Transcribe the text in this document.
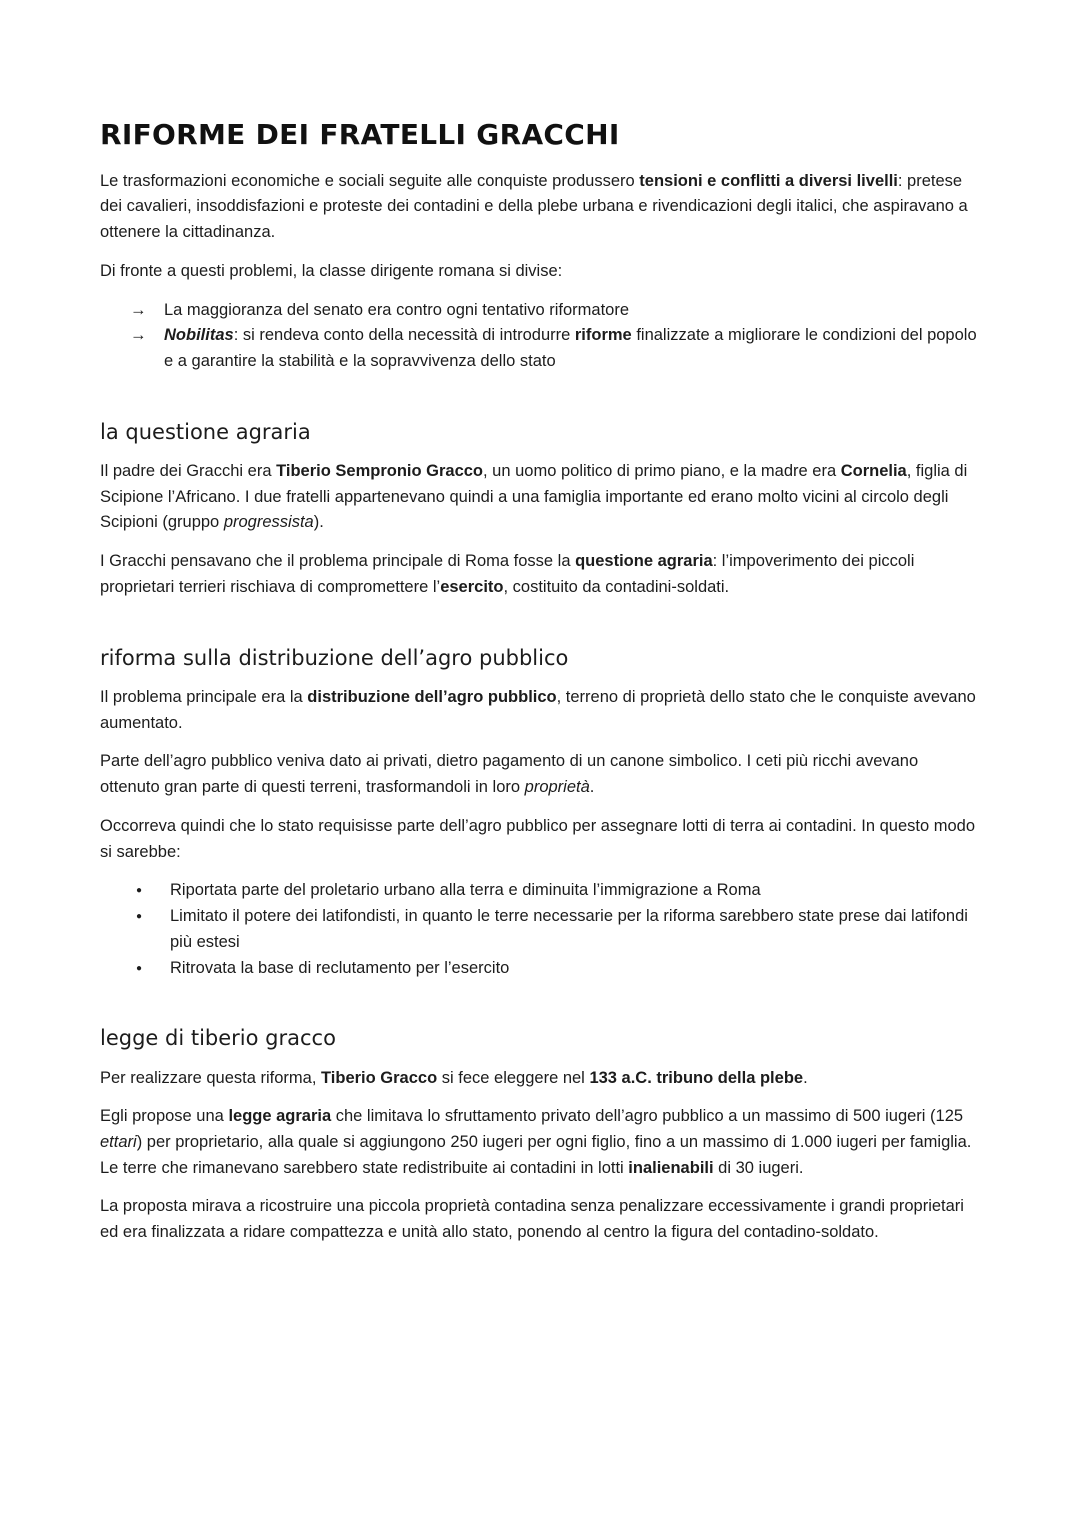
RIFORME DEI FRATELLI GRACCHI

Le trasformazioni economiche e sociali seguite alle conquiste produssero tensioni e conflitti a diversi livelli: pretese dei cavalieri, insoddisfazioni e proteste dei contadini e della plebe urbana e rivendicazioni degli italici, che aspiravano a ottenere la cittadinanza.

Di fronte a questi problemi, la classe dirigente romana si divise:

→	La maggioranza del senato era contro ogni tentativo riformatore
→	Nobilitas: si rendeva conto della necessità di introdurre riforme finalizzate a migliorare le condizioni del popolo e a garantire la stabilità e la sopravvivenza dello stato
la questione agraria

Il padre dei Gracchi era Tiberio Sempronio Gracco, un uomo politico di primo piano, e la madre era Cornelia, figlia di Scipione l’Africano. I due fratelli appartenevano quindi a una famiglia importante ed erano molto vicini al circolo degli Scipioni (gruppo progressista).

I Gracchi pensavano che il problema principale di Roma fosse la questione agraria: l’impoverimento dei piccoli proprietari terrieri rischiava di compromettere l’esercito, costituito da contadini-soldati.

riforma sulla distribuzione dell’agro pubblico

Il problema principale era la distribuzione dell’agro pubblico, terreno di proprietà dello stato che le conquiste avevano aumentato.

Parte dell’agro pubblico veniva dato ai privati, dietro pagamento di un canone simbolico. I ceti più ricchi avevano ottenuto gran parte di questi terreni, trasformandoli in loro proprietà.

Occorreva quindi che lo stato requisisse parte dell’agro pubblico per assegnare lotti di terra ai contadini. In questo modo si sarebbe:

●	Riportata parte del proletario urbano alla terra e diminuita l’immigrazione a Roma
●	Limitato il potere dei latifondisti, in quanto le terre necessarie per la riforma sarebbero state prese dai latifondi più estesi
●	Ritrovata la base di reclutamento per l’esercito
legge di tiberio gracco

Per realizzare questa riforma, Tiberio Gracco si fece eleggere nel 133 a.C. tribuno della plebe.

Egli propose una legge agraria che limitava lo sfruttamento privato dell’agro pubblico a un massimo di 500 iugeri (125 ettari) per proprietario, alla quale si aggiungono 250 iugeri per ogni figlio, fino a un massimo di 1.000 iugeri per famiglia. Le terre che rimanevano sarebbero state redistribuite ai contadini in lotti inalienabili di 30 iugeri.

La proposta mirava a ricostruire una piccola proprietà contadina senza penalizzare eccessivamente i grandi proprietari ed era finalizzata a ridare compattezza e unità allo stato, ponendo al centro la figura del contadino-soldato.
